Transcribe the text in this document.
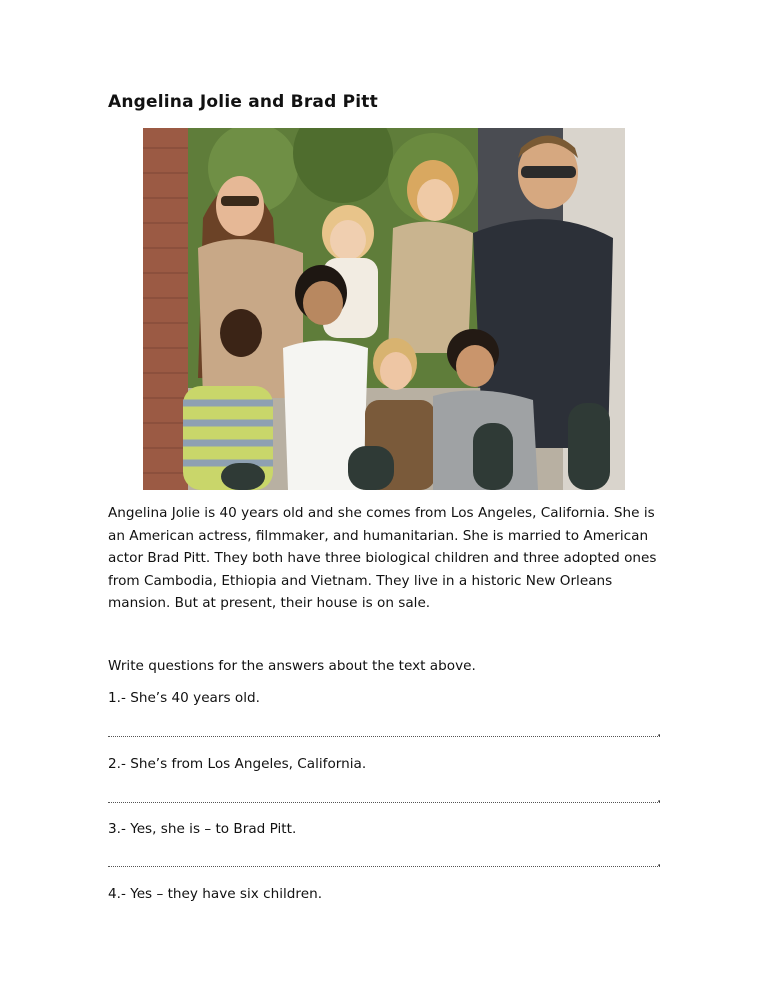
Angelina Jolie and Brad Pitt

Angelina Jolie is 40 years old and she comes from Los Angeles, California. She is an American actress, filmmaker, and humanitarian. She is married to American actor Brad Pitt. They both have three biological children and three adopted ones from Cambodia, Ethiopia and Vietnam. They live in a historic New Orleans mansion. But at present, their house is on sale.

Write questions for the answers about the text above.
1.- She’s 40 years old.
.
2.- She’s from Los Angeles, California.
.
3.- Yes, she is – to Brad Pitt.
.
4.- Yes – they have six children.
